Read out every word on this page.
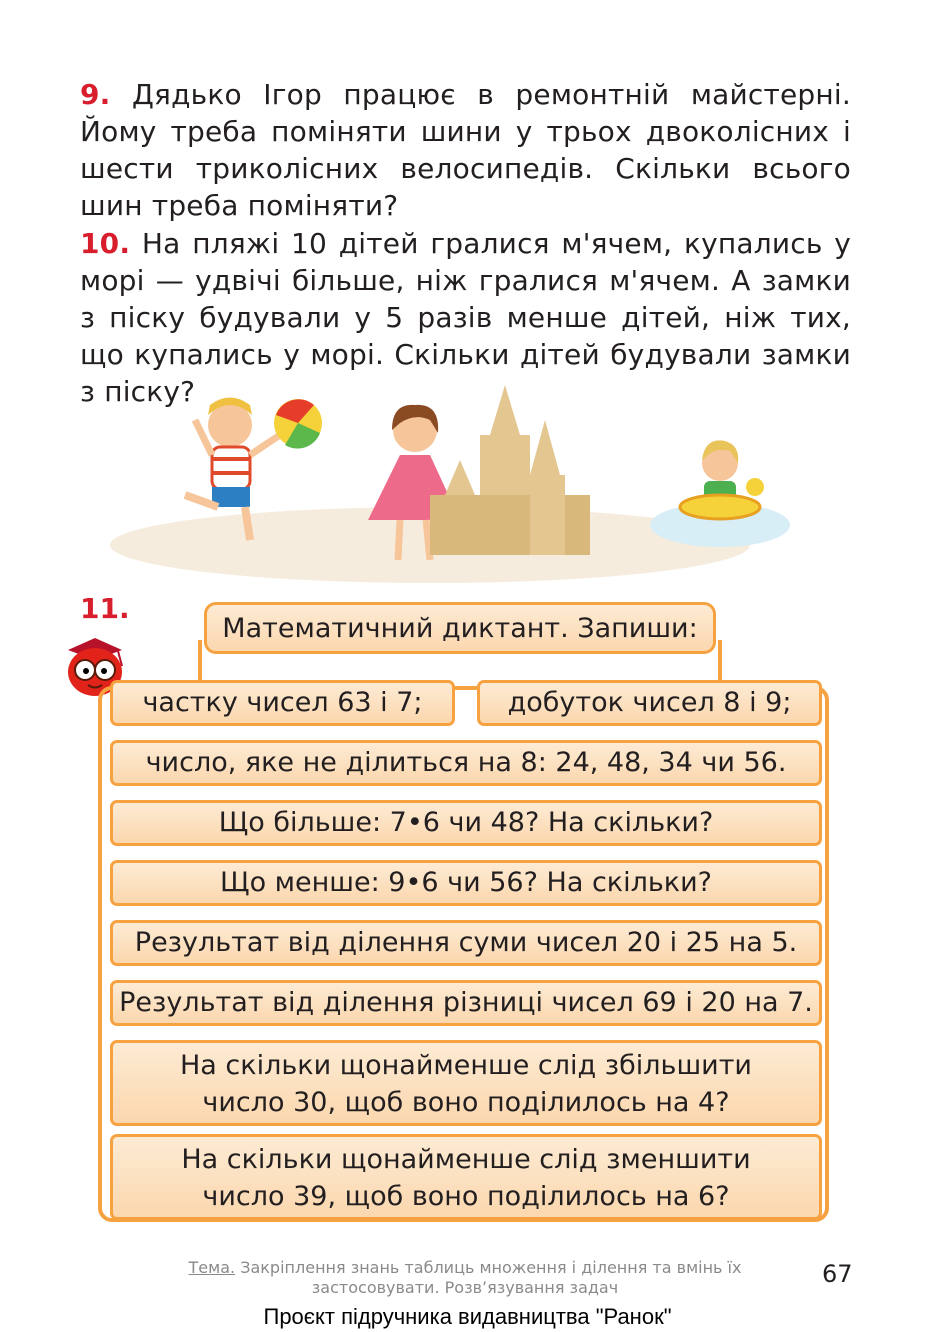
9. Дядько Ігор працює в ремонтній майстерні. Йому треба поміняти шини у трьох двоколісних і шести триколісних велосипедів. Скільки всього шин треба поміняти?
10. На пляжі 10 дітей гралися м'ячем, купались у морі — удвічі більше, ніж гралися м'ячем. А замки з піску будували у 5 разів менше дітей, ніж тих, що купались у морі. Скільки дітей будували замки з піску?
11.
Математичний диктант. Запиши:
частку чисел 63 і 7;	добуток чисел 8 і 9;
число, яке не ділиться на 8: 24, 48, 34 чи 56.
Що більше: 7•6 чи 48? На скільки?
Що менше: 9•6 чи 56? На скільки?
Результат від ділення суми чисел 20 і 25 на 5.
Результат від ділення різниці чисел 69 і 20 на 7.
На скільки щонайменше слід збільшити
число 30, щоб воно поділилось на 4?
На скільки щонайменше слід зменшити
число 39, щоб воно поділилось на 6?
Тема. Закріплення знань таблиць множення і ділення та вмінь їх застосовувати. Розв’язування задач	67
Проєкт підручника видавництва "Ранок"
